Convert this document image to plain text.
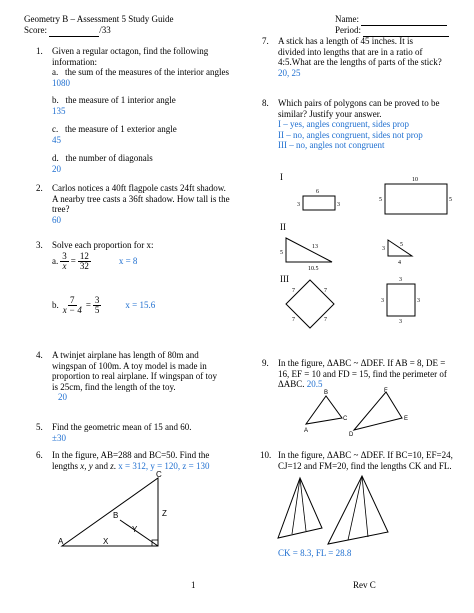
Geometry B – Assessment 5 Study Guide
Score:	/33
Name:
Period:
1. Given a regular octagon, find the following
information:
a. the sum of the measures of the interior angles
1080
b. the measure of 1 interior angle
135
c. the measure of 1 exterior angle
45
d. the number of diagonals
20
2. Carlos notices a 40ft flagpole casts 24ft shadow.
A nearby tree casts a 36ft shadow. How tall is the
tree?
60
3. Solve each proportion for x:
a. $\frac{3}{x} = \frac{12}{32}$	x = 8
b. $\frac{7}{x - 4} = \frac{3}{5}$	x = 15.6
4. A twinjet airplane has length of 80m and
wingspan of 100m. A toy model is made in
proportion to real airplane. If wingspan of toy
is 25cm, find the length of the toy.
20
5. Find the geometric mean of 15 and 60.
±30
6. In the figure, AB=288 and BC=50. Find the
lengths x, y and z. x = 312, y = 120, z = 130
C
B
A	X
Y
Z
7. A stick has a length of 45 inches. It is
divided into lengths that are in a ratio of
4:5.What are the lengths of parts of the stick?
20, 25
8. Which pairs of polygons can be proved to be
similar? Justify your answer.
I – yes, angles congruent, sides prop
II – no, angles congruent, sides not prop
III – no, angles not congruent
I
6
3	3
10
5	5
II
13
5
10.5
5
3
4
III
7	7
7	7
3
3	3
3
9. In the figure, ΔABC ~ ΔDEF. If AB = 8, DE =
16, EF = 10 and FD = 15, find the perimeter of
ΔABC. 20.5
B
A
C
F
D
E
10. In the figure, ΔABC ~ ΔDEF. If BC=10, EF=24,
CJ=12 and FM=20, find the lengths CK and FL.
CK = 8.3, FL = 28.8
1	Rev C
